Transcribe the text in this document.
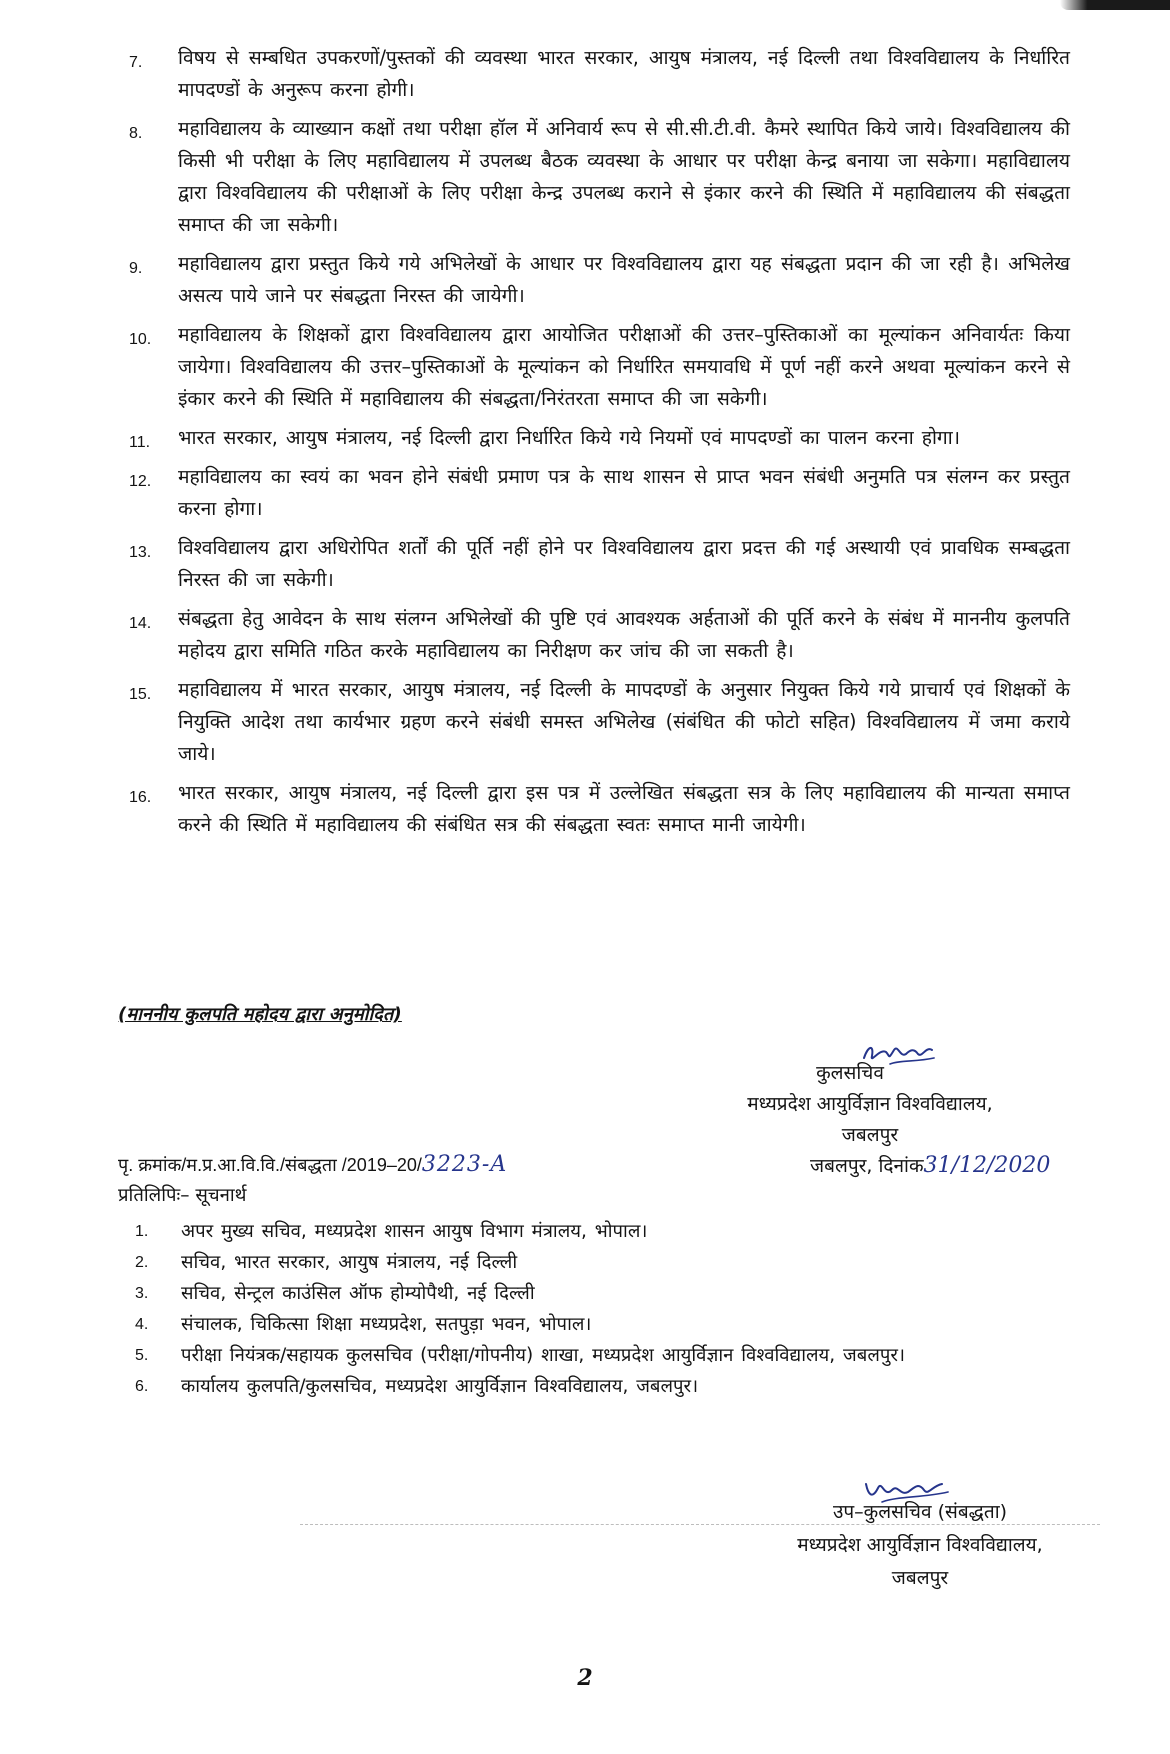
7. विषय से सम्बधित उपकरणों/पुस्तकों की व्यवस्था भारत सरकार, आयुष मंत्रालय, नई दिल्ली तथा विश्वविद्यालय के निर्धारित मापदण्डों के अनुरूप करना होगी।
8. महाविद्यालय के व्याख्यान कक्षों तथा परीक्षा हॉल में अनिवार्य रूप से सी.सी.टी.वी. कैमरे स्थापित किये जाये। विश्वविद्यालय की किसी भी परीक्षा के लिए महाविद्यालय में उपलब्ध बैठक व्यवस्था के आधार पर परीक्षा केन्द्र बनाया जा सकेगा। महाविद्यालय द्वारा विश्वविद्यालय की परीक्षाओं के लिए परीक्षा केन्द्र उपलब्ध कराने से इंकार करने की स्थिति में महाविद्यालय की संबद्धता समाप्त की जा सकेगी।
9. महाविद्यालय द्वारा प्रस्तुत किये गये अभिलेखों के आधार पर विश्वविद्यालय द्वारा यह संबद्धता प्रदान की जा रही है। अभिलेख असत्य पाये जाने पर संबद्धता निरस्त की जायेगी।
10. महाविद्यालय के शिक्षकों द्वारा विश्वविद्यालय द्वारा आयोजित परीक्षाओं की उत्तर–पुस्तिकाओं का मूल्यांकन अनिवार्यतः किया जायेगा। विश्वविद्यालय की उत्तर–पुस्तिकाओं के मूल्यांकन को निर्धारित समयावधि में पूर्ण नहीं करने अथवा मूल्यांकन करने से इंकार करने की स्थिति में महाविद्यालय की संबद्धता/निरंतरता समाप्त की जा सकेगी।
11. भारत सरकार, आयुष मंत्रालय, नई दिल्ली द्वारा निर्धारित किये गये नियमों एवं मापदण्डों का पालन करना होगा।
12. महाविद्यालय का स्वयं का भवन होने संबंधी प्रमाण पत्र के साथ शासन से प्राप्त भवन संबंधी अनुमति पत्र संलग्न कर प्रस्तुत करना होगा।
13. विश्वविद्यालय द्वारा अधिरोपित शर्तों की पूर्ति नहीं होने पर विश्वविद्यालय द्वारा प्रदत्त की गई अस्थायी एवं प्रावधिक सम्बद्धता निरस्त की जा सकेगी।
14. संबद्धता हेतु आवेदन के साथ संलग्न अभिलेखों की पुष्टि एवं आवश्यक अर्हताओं की पूर्ति करने के संबंध में माननीय कुलपति महोदय द्वारा समिति गठित करके महाविद्यालय का निरीक्षण कर जांच की जा सकती है।
15. महाविद्यालय में भारत सरकार, आयुष मंत्रालय, नई दिल्ली के मापदण्डों के अनुसार नियुक्त किये गये प्राचार्य एवं शिक्षकों के नियुक्ति आदेश तथा कार्यभार ग्रहण करने संबंधी समस्त अभिलेख (संबंधित की फोटो सहित) विश्वविद्यालय में जमा कराये जाये।
16. भारत सरकार, आयुष मंत्रालय, नई दिल्ली द्वारा इस पत्र में उल्लेखित संबद्धता सत्र के लिए महाविद्यालय की मान्यता समाप्त करने की स्थिति में महाविद्यालय की संबंधित सत्र की संबद्धता स्वतः समाप्त मानी जायेगी।
(माननीय कुलपति महोदय द्वारा अनुमोदित)
कुलसचिव
मध्यप्रदेश आयुर्विज्ञान विश्वविद्यालय,
जबलपुर
पृ. क्रमांक/म.प्र.आ.वि.वि./संबद्धता /2019–20/3223-A	जबलपुर, दिनांक31/12/2020
प्रतिलिपिः– सूचनार्थ
1. अपर मुख्य सचिव, मध्यप्रदेश शासन आयुष विभाग मंत्रालय, भोपाल।
2. सचिव, भारत सरकार, आयुष मंत्रालय, नई दिल्ली
3. सचिव, सेन्ट्रल काउंसिल ऑफ होम्योपैथी, नई दिल्ली
4. संचालक, चिकित्सा शिक्षा मध्यप्रदेश, सतपुड़ा भवन, भोपाल।
5. परीक्षा नियंत्रक/सहायक कुलसचिव (परीक्षा/गोपनीय) शाखा, मध्यप्रदेश आयुर्विज्ञान विश्वविद्यालय, जबलपुर।
6. कार्यालय कुलपति/कुलसचिव, मध्यप्रदेश आयुर्विज्ञान विश्वविद्यालय, जबलपुर।
उप–कुलसचिव (संबद्धता)
मध्यप्रदेश आयुर्विज्ञान विश्वविद्यालय,
जबलपुर
2
